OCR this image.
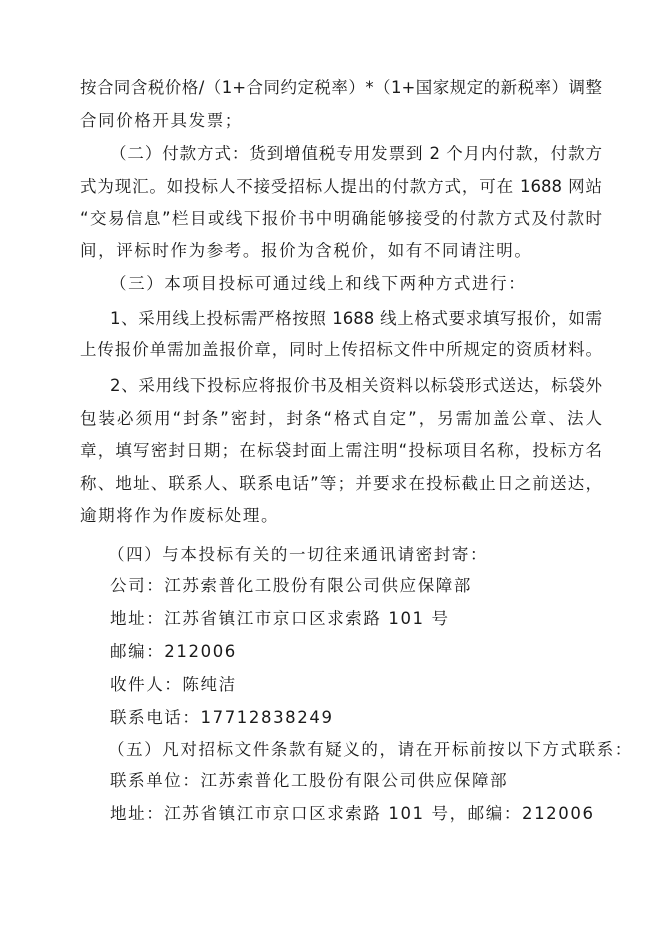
按合同含税价格/（1+合同约定税率）*（1+国家规定的新税率）调整
合同价格开具发票；
（二）付款方式：货到增值税专用发票到 2 个月内付款，付款方
式为现汇。如投标人不接受招标人提出的付款方式，可在 1688 网站
“交易信息”栏目或线下报价书中明确能够接受的付款方式及付款时
间，评标时作为参考。报价为含税价，如有不同请注明。
（三）本项目投标可通过线上和线下两种方式进行：
1、采用线上投标需严格按照 1688 线上格式要求填写报价，如需
上传报价单需加盖报价章，同时上传招标文件中所规定的资质材料。
2、采用线下投标应将报价书及相关资料以标袋形式送达，标袋外
包装必须用“封条”密封，封条“格式自定”，另需加盖公章、法人
章，填写密封日期；在标袋封面上需注明“投标项目名称，投标方名
称、地址、联系人、联系电话”等；并要求在投标截止日之前送达，
逾期将作为作废标处理。
（四）与本投标有关的一切往来通讯请密封寄：
公司：江苏索普化工股份有限公司供应保障部
地址：江苏省镇江市京口区求索路 101 号
邮编：212006
收件人：陈纯洁
联系电话：17712838249
（五）凡对招标文件条款有疑义的，请在开标前按以下方式联系：
联系单位：江苏索普化工股份有限公司供应保障部
地址：江苏省镇江市京口区求索路 101 号，邮编：212006
